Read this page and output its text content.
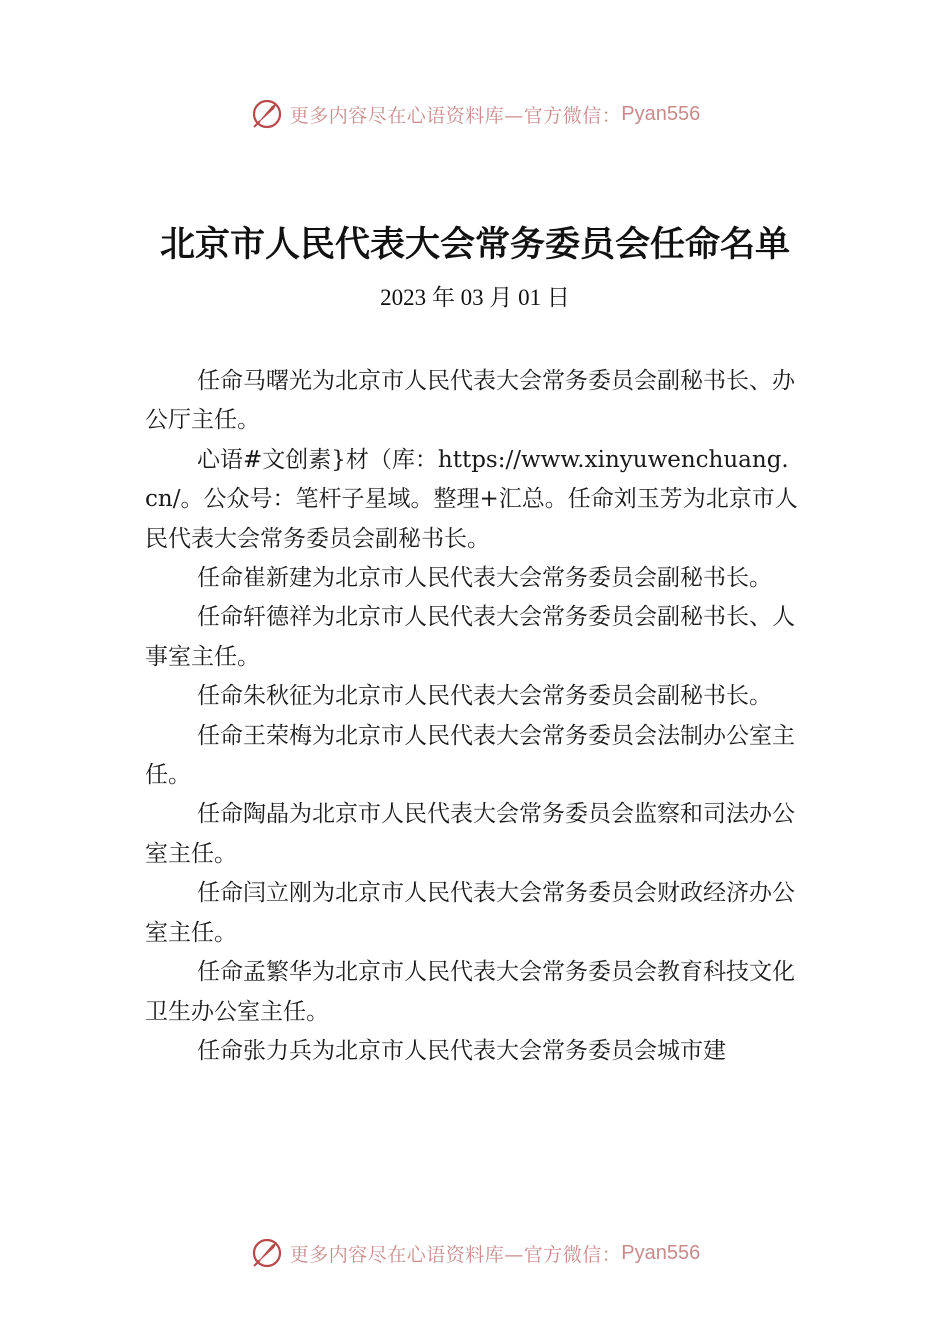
更多内容尽在心语资料库—官方微信： Pyan556
北京市人民代表大会常务委员会任命名单
2023 年 03 月 01 日

任命马曙光为北京市人民代表大会常务委员会副秘书长、办公厅主任。

心语#文创素}材（库：https://www.xinyuwenchuang.cn/。公众号：笔杆子星域。整理+汇总。任命刘玉芳为北京市人民代表大会常务委员会副秘书长。

任命崔新建为北京市人民代表大会常务委员会副秘书长。

任命轩德祥为北京市人民代表大会常务委员会副秘书长、人事室主任。

任命朱秋征为北京市人民代表大会常务委员会副秘书长。

任命王荣梅为北京市人民代表大会常务委员会法制办公室主任。

任命陶晶为北京市人民代表大会常务委员会监察和司法办公室主任。

任命闫立刚为北京市人民代表大会常务委员会财政经济办公室主任。

任命孟繁华为北京市人民代表大会常务委员会教育科技文化卫生办公室主任。

任命张力兵为北京市人民代表大会常务委员会城市建

更多内容尽在心语资料库—官方微信： Pyan556
